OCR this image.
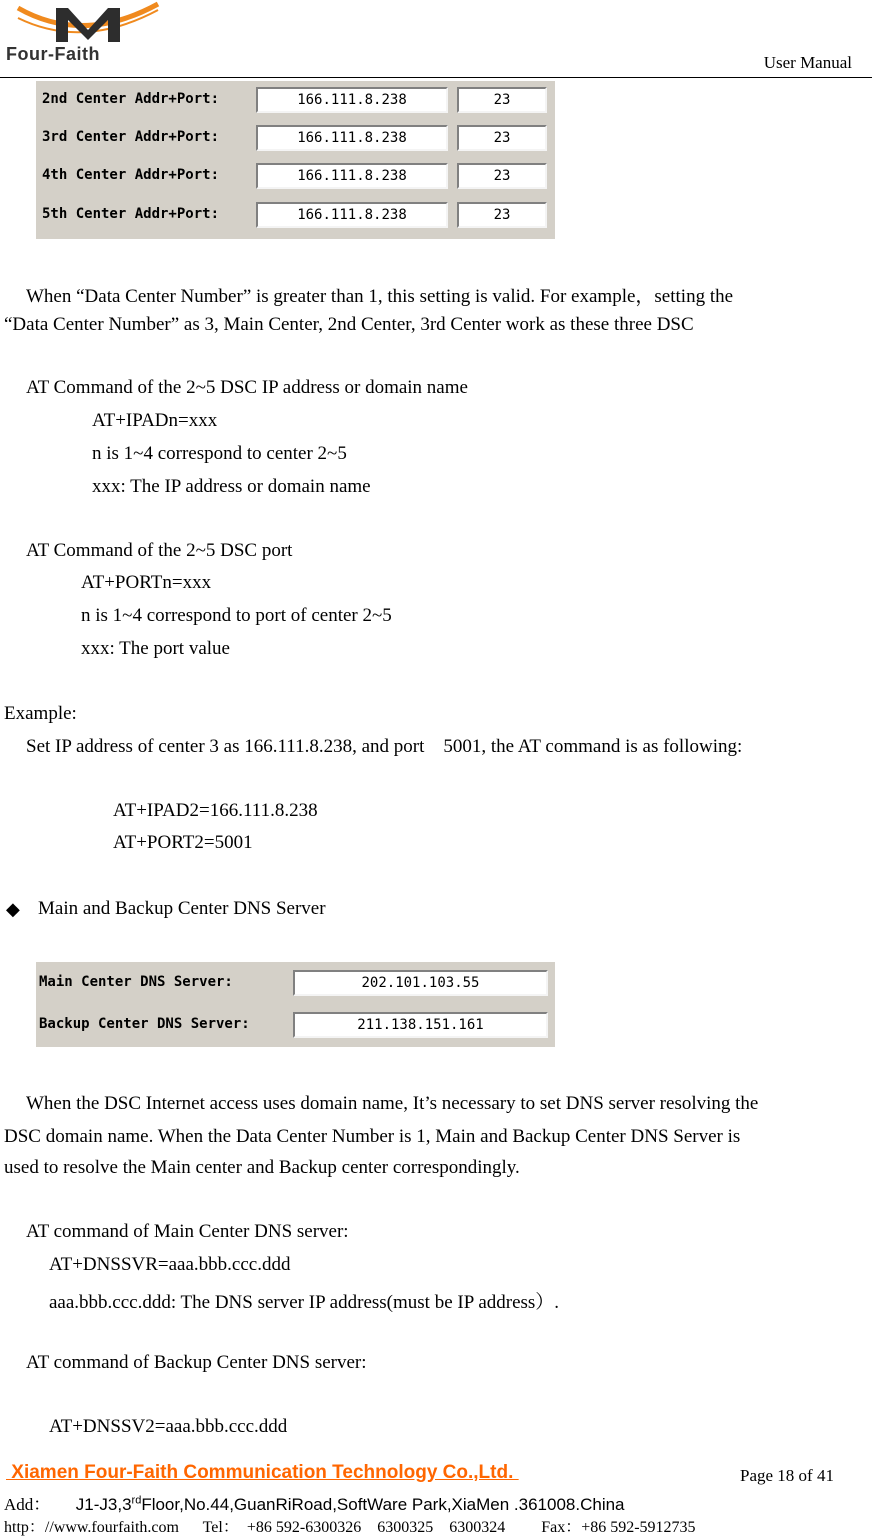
Four-Faith	User Manual
2nd Center Addr+Port:	166.111.8.238	23
3rd Center Addr+Port:	166.111.8.238	23
4th Center Addr+Port:	166.111.8.238	23
5th Center Addr+Port:	166.111.8.238	23
When “Data Center Number” is greater than 1, this setting is valid. For example，setting the
“Data Center Number” as 3, Main Center, 2nd Center, 3rd Center work as these three DSC
AT Command of the 2~5 DSC IP address or domain name
AT+IPADn=xxx
n is 1~4 correspond to center 2~5
xxx: The IP address or domain name
AT Command of the 2~5 DSC port
AT+PORTn=xxx
n is 1~4 correspond to port of center 2~5
xxx: The port value
Example:
Set IP address of center 3 as 166.111.8.238, and port    5001, the AT command is as following:
AT+IPAD2=166.111.8.238
AT+PORT2=5001
◆ Main and Backup Center DNS Server
Main Center DNS Server:	202.101.103.55
Backup Center DNS Server:	211.138.151.161
When the DSC Internet access uses domain name, It’s necessary to set DNS server resolving the
DSC domain name. When the Data Center Number is 1, Main and Backup Center DNS Server is
used to resolve the Main center and Backup center correspondingly.
AT command of Main Center DNS server:
AT+DNSSVR=aaa.bbb.ccc.ddd
aaa.bbb.ccc.ddd: The DNS server IP address(must be IP address）.
AT command of Backup Center DNS server:
AT+DNSSV2=aaa.bbb.ccc.ddd
Xiamen Four-Faith Communication Technology Co.,Ltd.	Page 18 of 41
Add： J1-J3,3rdFloor,No.44,GuanRiRoad,SoftWare Park,XiaMen .361008.China
http：//www.fourfaith.com      Tel：  +86 592-6300326    6300325    6300324         Fax：+86 592-5912735
